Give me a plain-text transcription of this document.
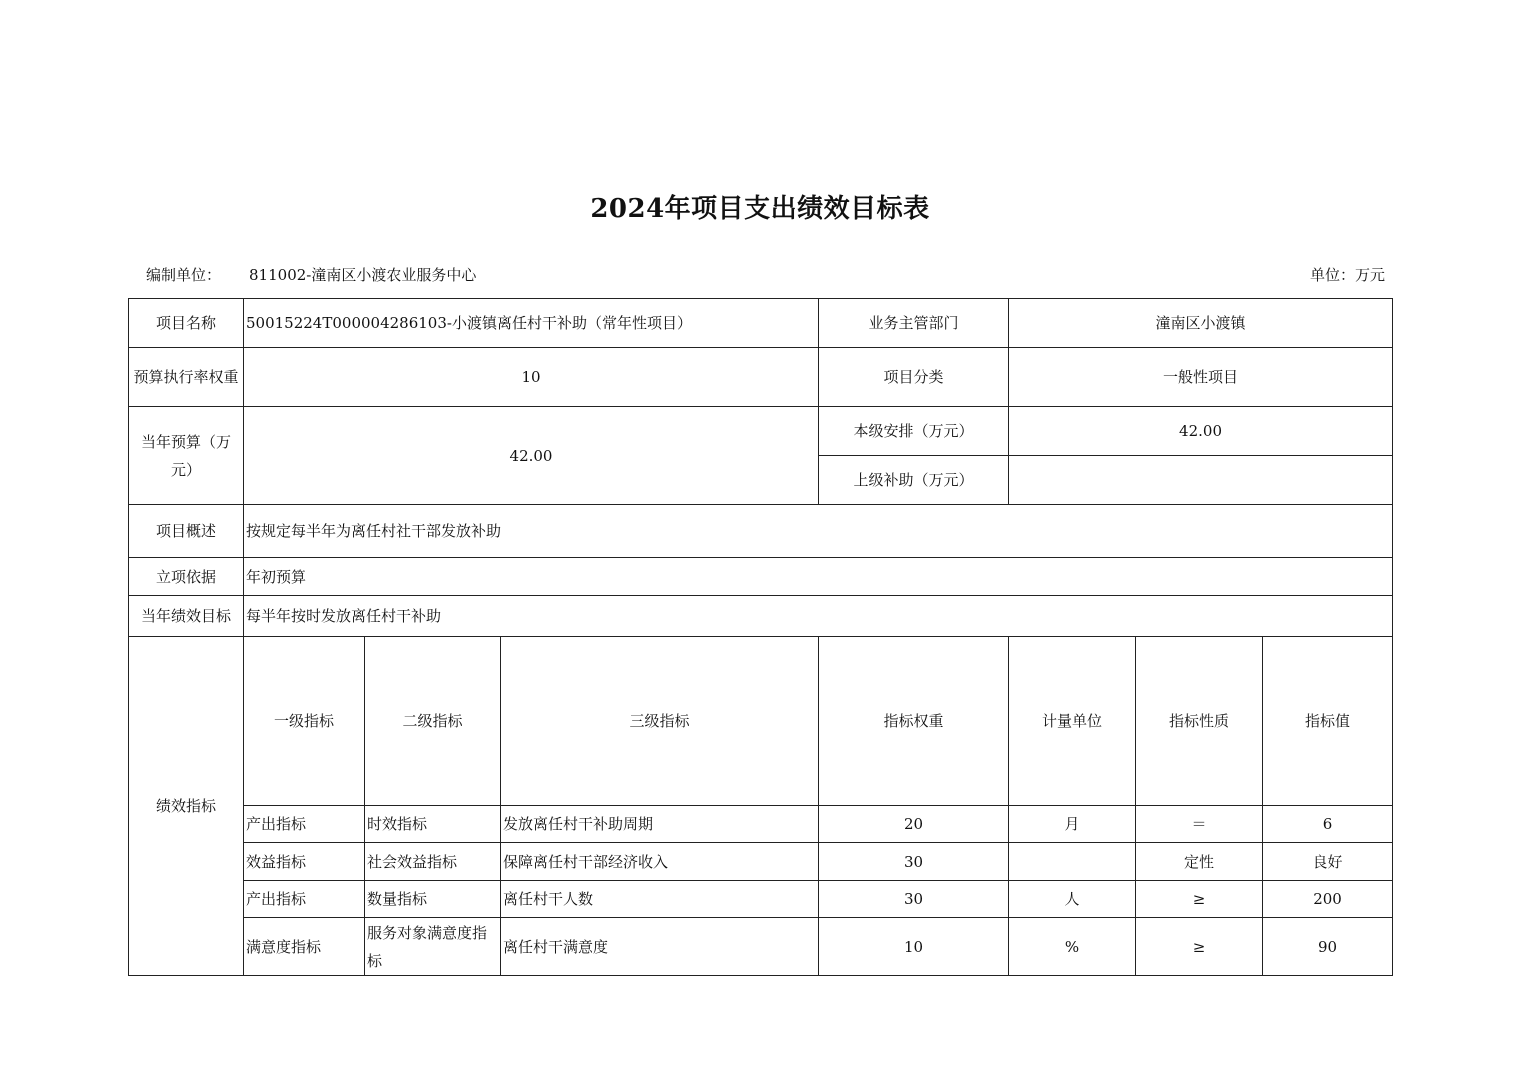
2024年项目支出绩效目标表
编制单位： 811002-潼南区小渡农业服务中心	单位：万元
项目名称	50015224T000004286103-小渡镇离任村干补助（常年性项目）			业务主管部门	潼南区小渡镇			
预算执行率权重	10			项目分类	一般性项目			
当年预算（万元）	42.00			本级安排（万元）	42.00			
				上级补助（万元）				
项目概述	按规定每半年为离任村社干部发放补助							
立项依据	年初预算							
当年绩效目标	每半年按时发放离任村干补助							
绩效指标	一级指标	二级指标	三级指标	指标权重	计量单位	指标性质	指标值	
	产出指标	时效指标	发放离任村干补助周期	20	月	＝	6	
	效益指标	社会效益指标	保障离任村干部经济收入	30		定性	良好	
	产出指标	数量指标	离任村干人数	30	人	≥	200	
	满意度指标	服务对象满意度指标	离任村干满意度	10	%	≥	90	
